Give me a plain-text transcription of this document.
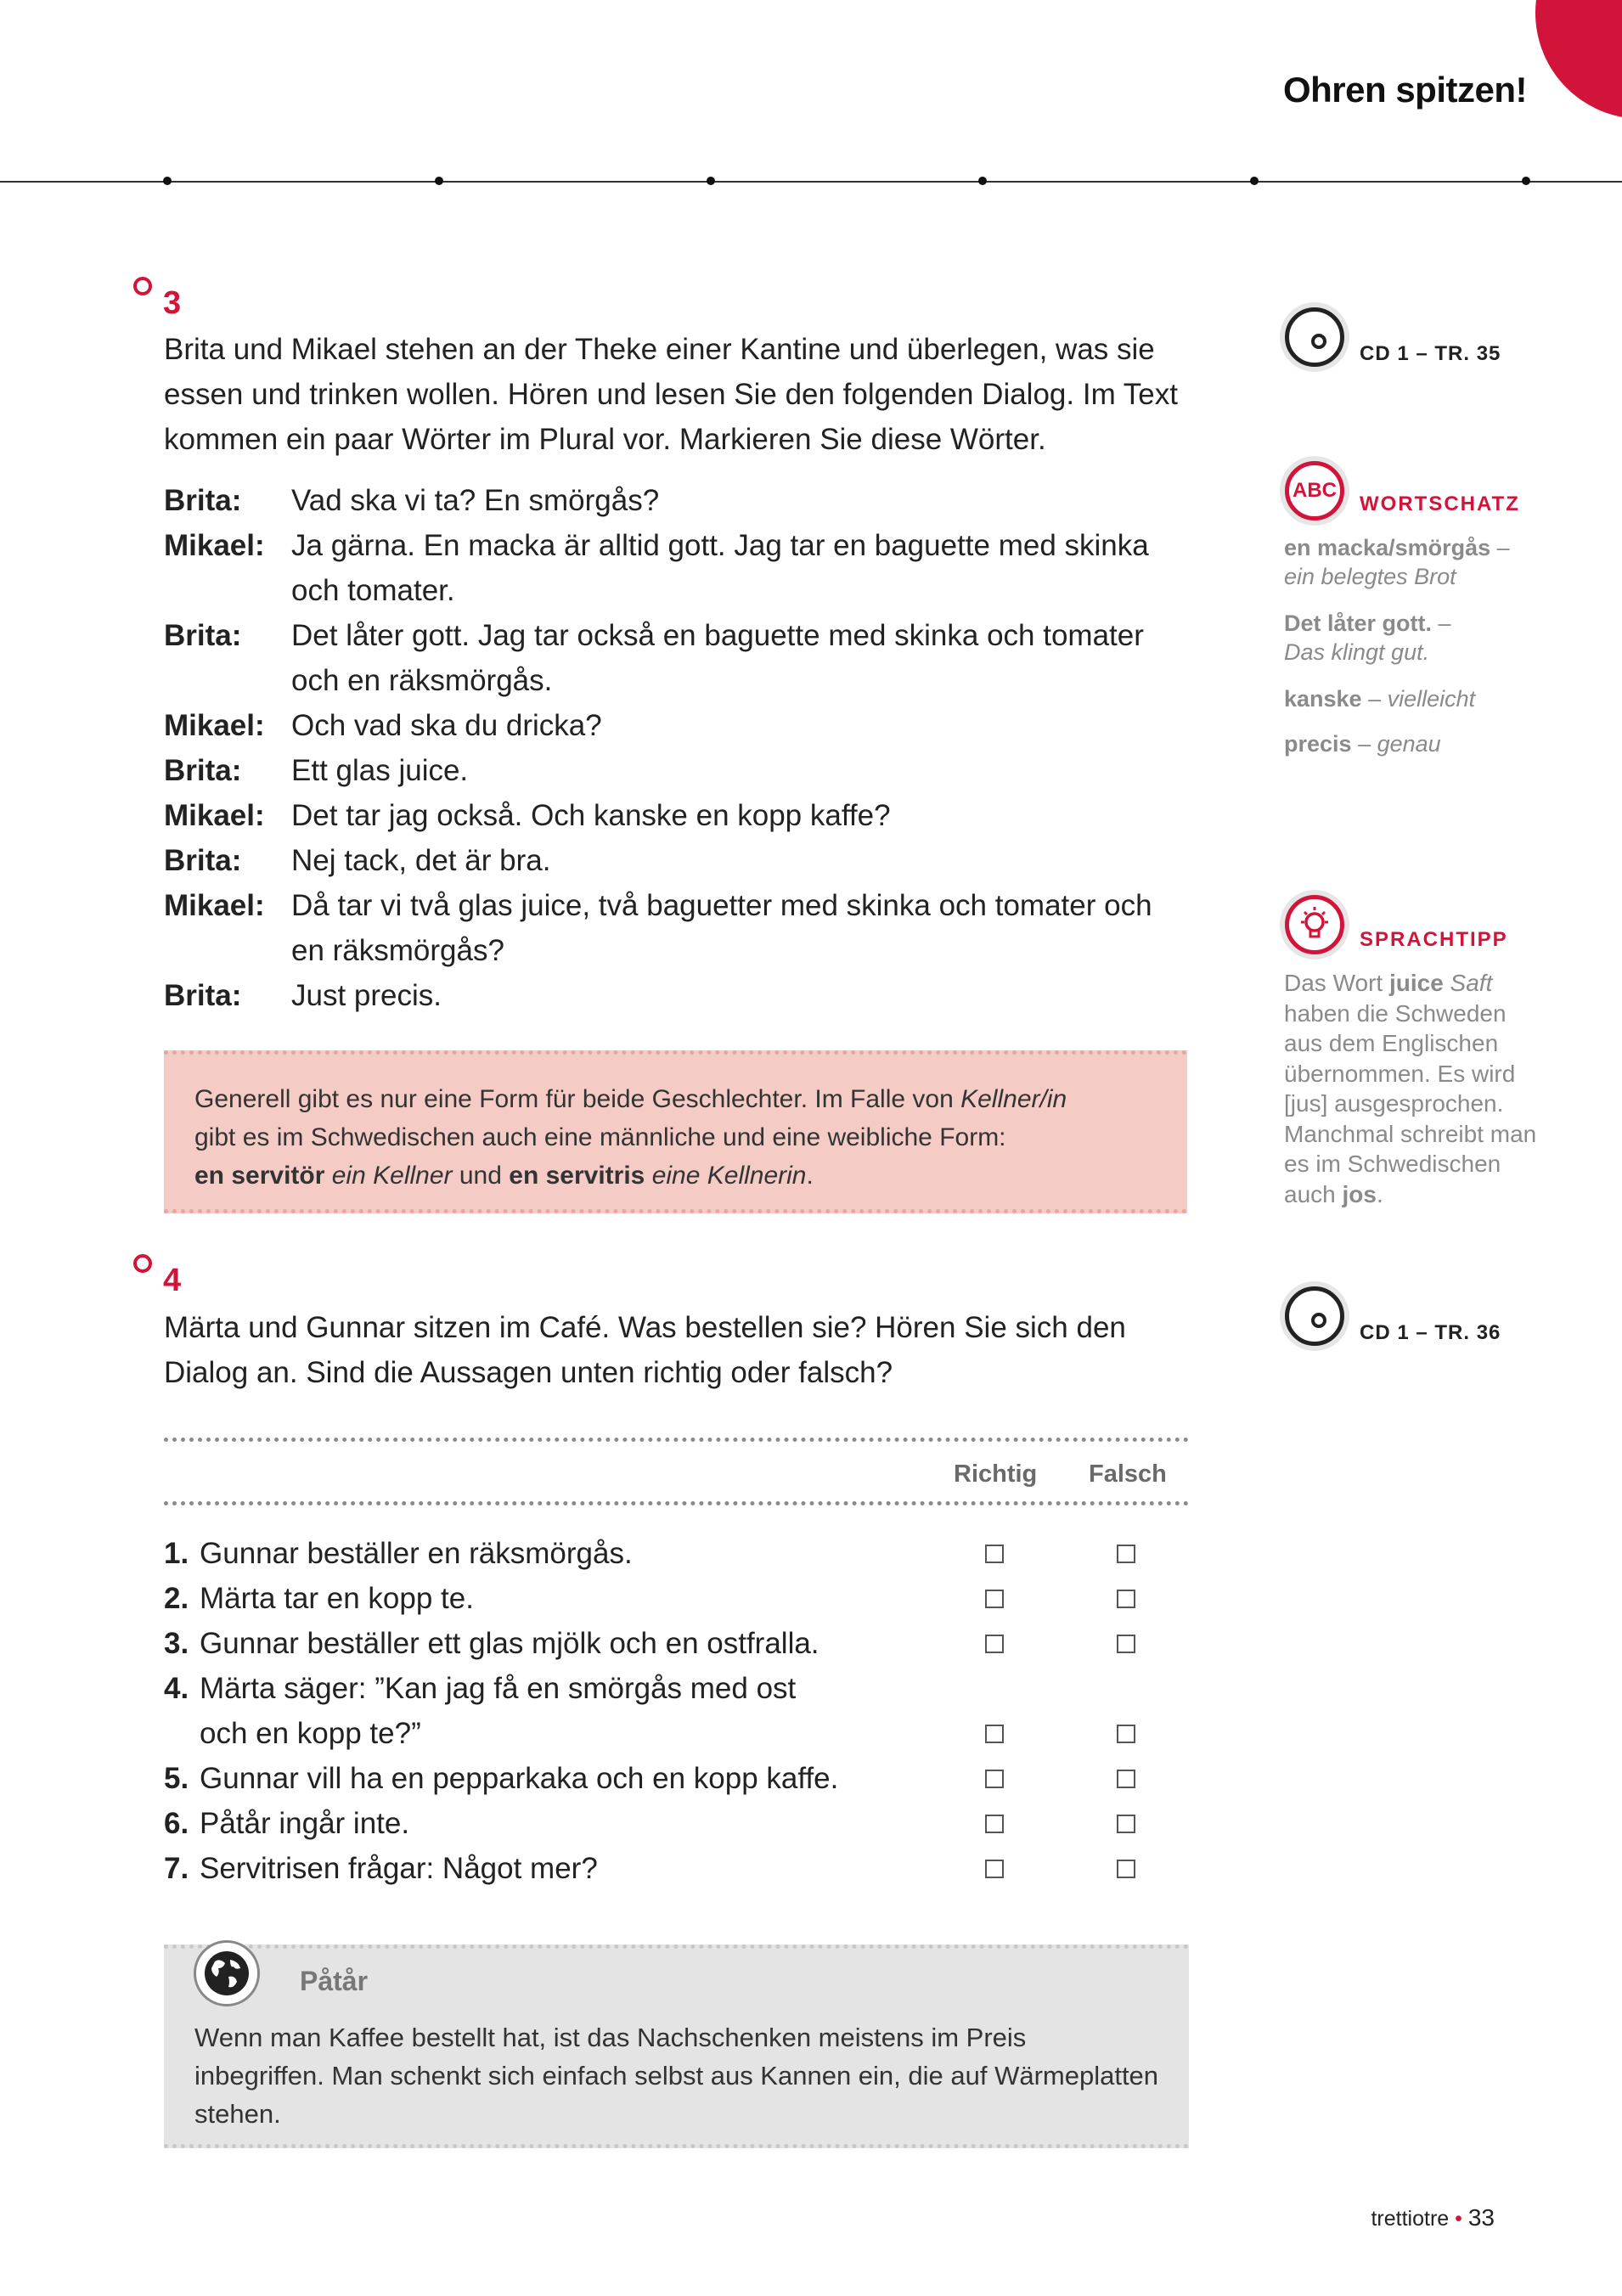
Ohren spitzen!
3
Brita und Mikael stehen an der Theke einer Kantine und überlegen, was sie essen und trinken wollen. Hören und lesen Sie den folgenden Dialog. Im Text kommen ein paar Wörter im Plural vor. Markieren Sie diese Wörter.
Brita: Vad ska vi ta? En smörgås?
Mikael: Ja gärna. En macka är alltid gott. Jag tar en baguette med skinka och tomater.
Brita: Det låter gott. Jag tar också en baguette med skinka och tomater och en räksmörgås.
Mikael: Och vad ska du dricka?
Brita: Ett glas juice.
Mikael: Det tar jag också. Och kanske en kopp kaffe?
Brita: Nej tack, det är bra.
Mikael: Då tar vi två glas juice, två baguetter med skinka och tomater och en räksmörgås?
Brita: Just precis.
Generell gibt es nur eine Form für beide Geschlechter. Im Falle von Kellner/in
gibt es im Schwedischen auch eine männliche und eine weibliche Form:
en servitör ein Kellner und en servitris eine Kellnerin.
4
Märta und Gunnar sitzen im Café. Was bestellen sie? Hören Sie sich den Dialog an. Sind die Aussagen unten richtig oder falsch?
Richtig Falsch
1. Gunnar beställer en räksmörgås.
2. Märta tar en kopp te.
3. Gunnar beställer ett glas mjölk och en ostfralla.
4. Märta säger: ”Kan jag få en smörgås med ost och en kopp te?”
5. Gunnar vill ha en pepparkaka och en kopp kaffe.
6. Påtår ingår inte.
7. Servitrisen frågar: Något mer?
Påtår
Wenn man Kaffee bestellt hat, ist das Nachschenken meistens im Preis inbegriffen. Man schenkt sich einfach selbst aus Kannen ein, die auf Wärmeplatten stehen.
CD 1 – TR. 35
ABC
WORTSCHATZ
en macka/smörgås –
ein belegtes Brot
Det låter gott. –
Das klingt gut.
kanske – vielleicht
precis – genau
SPRACHTIPP
Das Wort juice Saft haben die Schweden aus dem Englischen übernommen. Es wird [jus] ausgesprochen. Manchmal schreibt man es im Schwedischen auch jos.
CD 1 – TR. 36
trettiotre • 33
